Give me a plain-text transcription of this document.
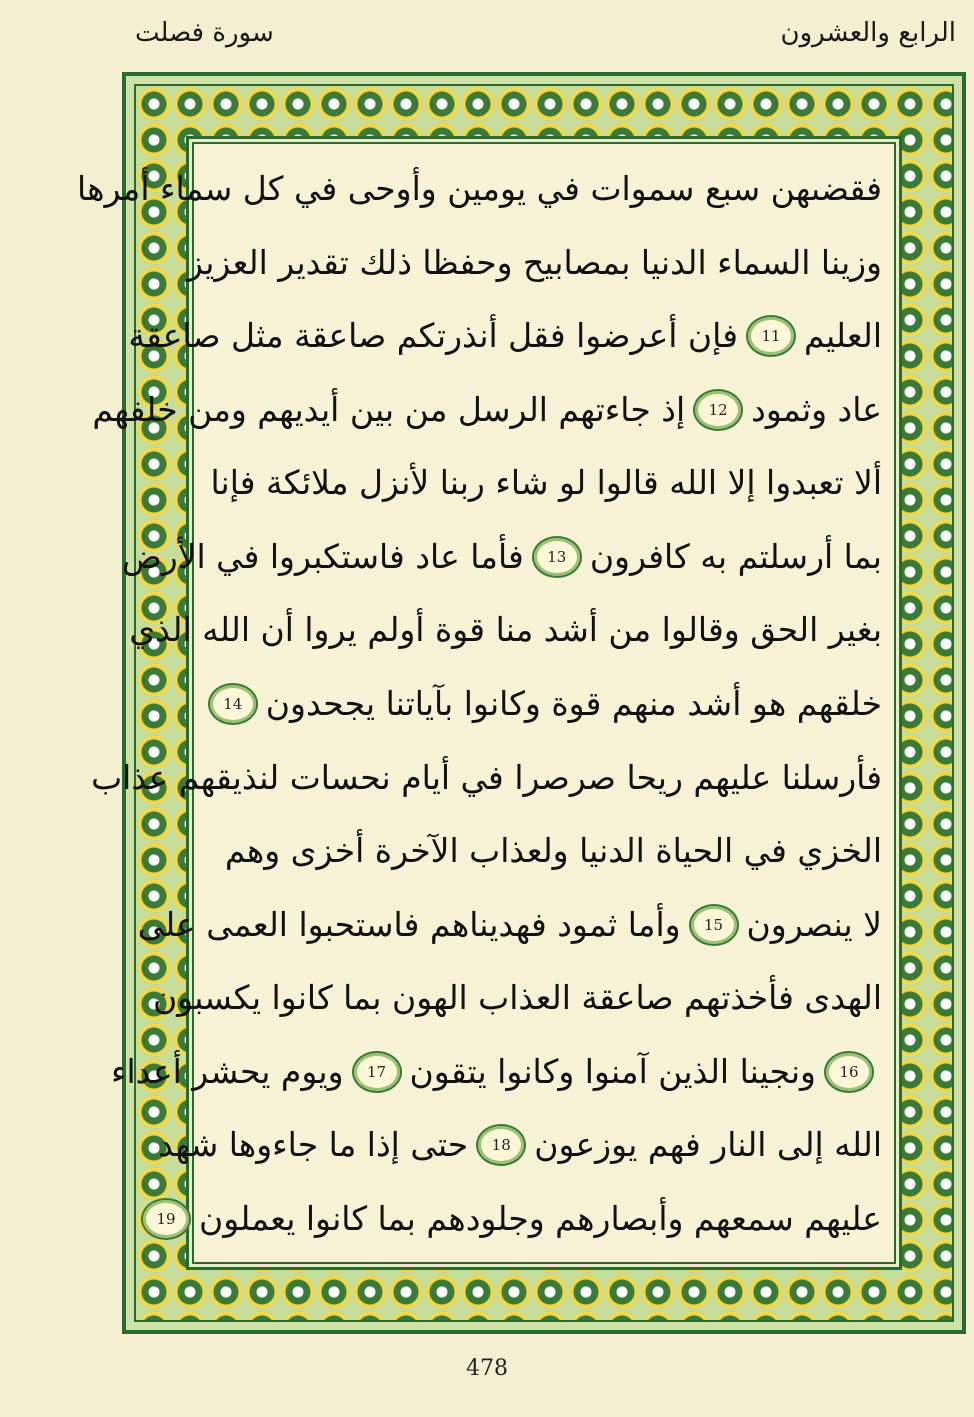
سورة فصلت	الرابع والعشرون
فقضىهن سبع سموات في يومين وأوحى في كل سماء أمرها
وزينا السماء الدنيا بمصابيح وحفظا ذلك تقدير العزيز
العليم
11
فإن أعرضوا فقل أنذرتكم صاعقة مثل صاعقة
عاد وثمود
12
إذ جاءتهم الرسل من بين أيديهم ومن خلفهم
ألا تعبدوا إلا الله قالوا لو شاء ربنا لأنزل ملائكة فإنا
بما أرسلتم به كافرون
13
فأما عاد فاستكبروا في الأرض
بغير الحق وقالوا من أشد منا قوة أولم يروا أن الله الذي
خلقهم هو أشد منهم قوة وكانوا بآياتنا يجحدون
14
فأرسلنا عليهم ريحا صرصرا في أيام نحسات لنذيقهم عذاب
الخزي في الحياة الدنيا ولعذاب الآخرة أخزى وهم
لا ينصرون
15
وأما ثمود فهديناهم فاستحبوا العمى على
الهدى فأخذتهم صاعقة العذاب الهون بما كانوا يكسبون
16
ونجينا الذين آمنوا وكانوا يتقون
17
ويوم يحشر أعداء
الله إلى النار فهم يوزعون
18
حتى إذا ما جاءوها شهد
عليهم سمعهم وأبصارهم وجلودهم بما كانوا يعملون
19
478
